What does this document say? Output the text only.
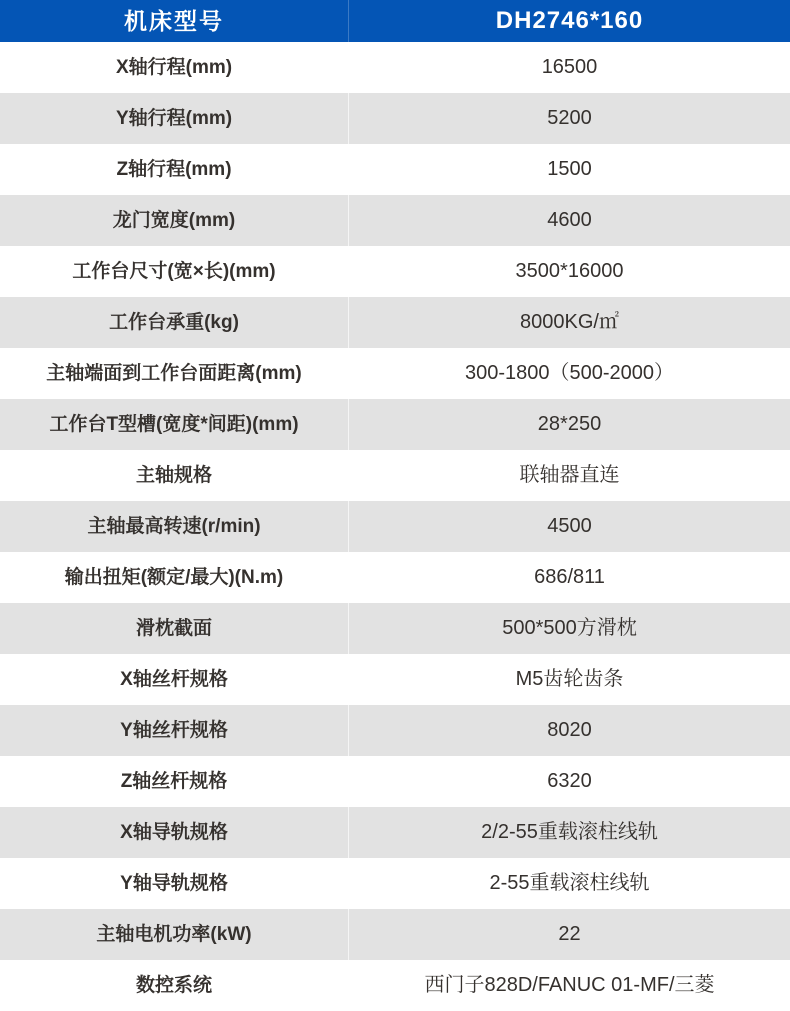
机床型号	DH2746*160
X轴行程(mm)	16500
Y轴行程(mm)	5200
Z轴行程(mm)	1500
龙门宽度(mm)	4600
工作台尺寸(宽×长)(mm)	3500*16000
工作台承重(kg)	8000KG/㎡
主轴端面到工作台面距离(mm)	300-1800（500-2000）
工作台T型槽(宽度*间距)(mm)	28*250
主轴规格	联轴器直连
主轴最高转速(r/min)	4500
输出扭矩(额定/最大)(N.m)	686/811
滑枕截面	500*500方滑枕
X轴丝杆规格	M5齿轮齿条
Y轴丝杆规格	8020
Z轴丝杆规格	6320
X轴导轨规格	2/2-55重载滚柱线轨
Y轴导轨规格	2-55重载滚柱线轨
主轴电机功率(kW)	22
数控系统	西门子828D/FANUC 01-MF/三菱
